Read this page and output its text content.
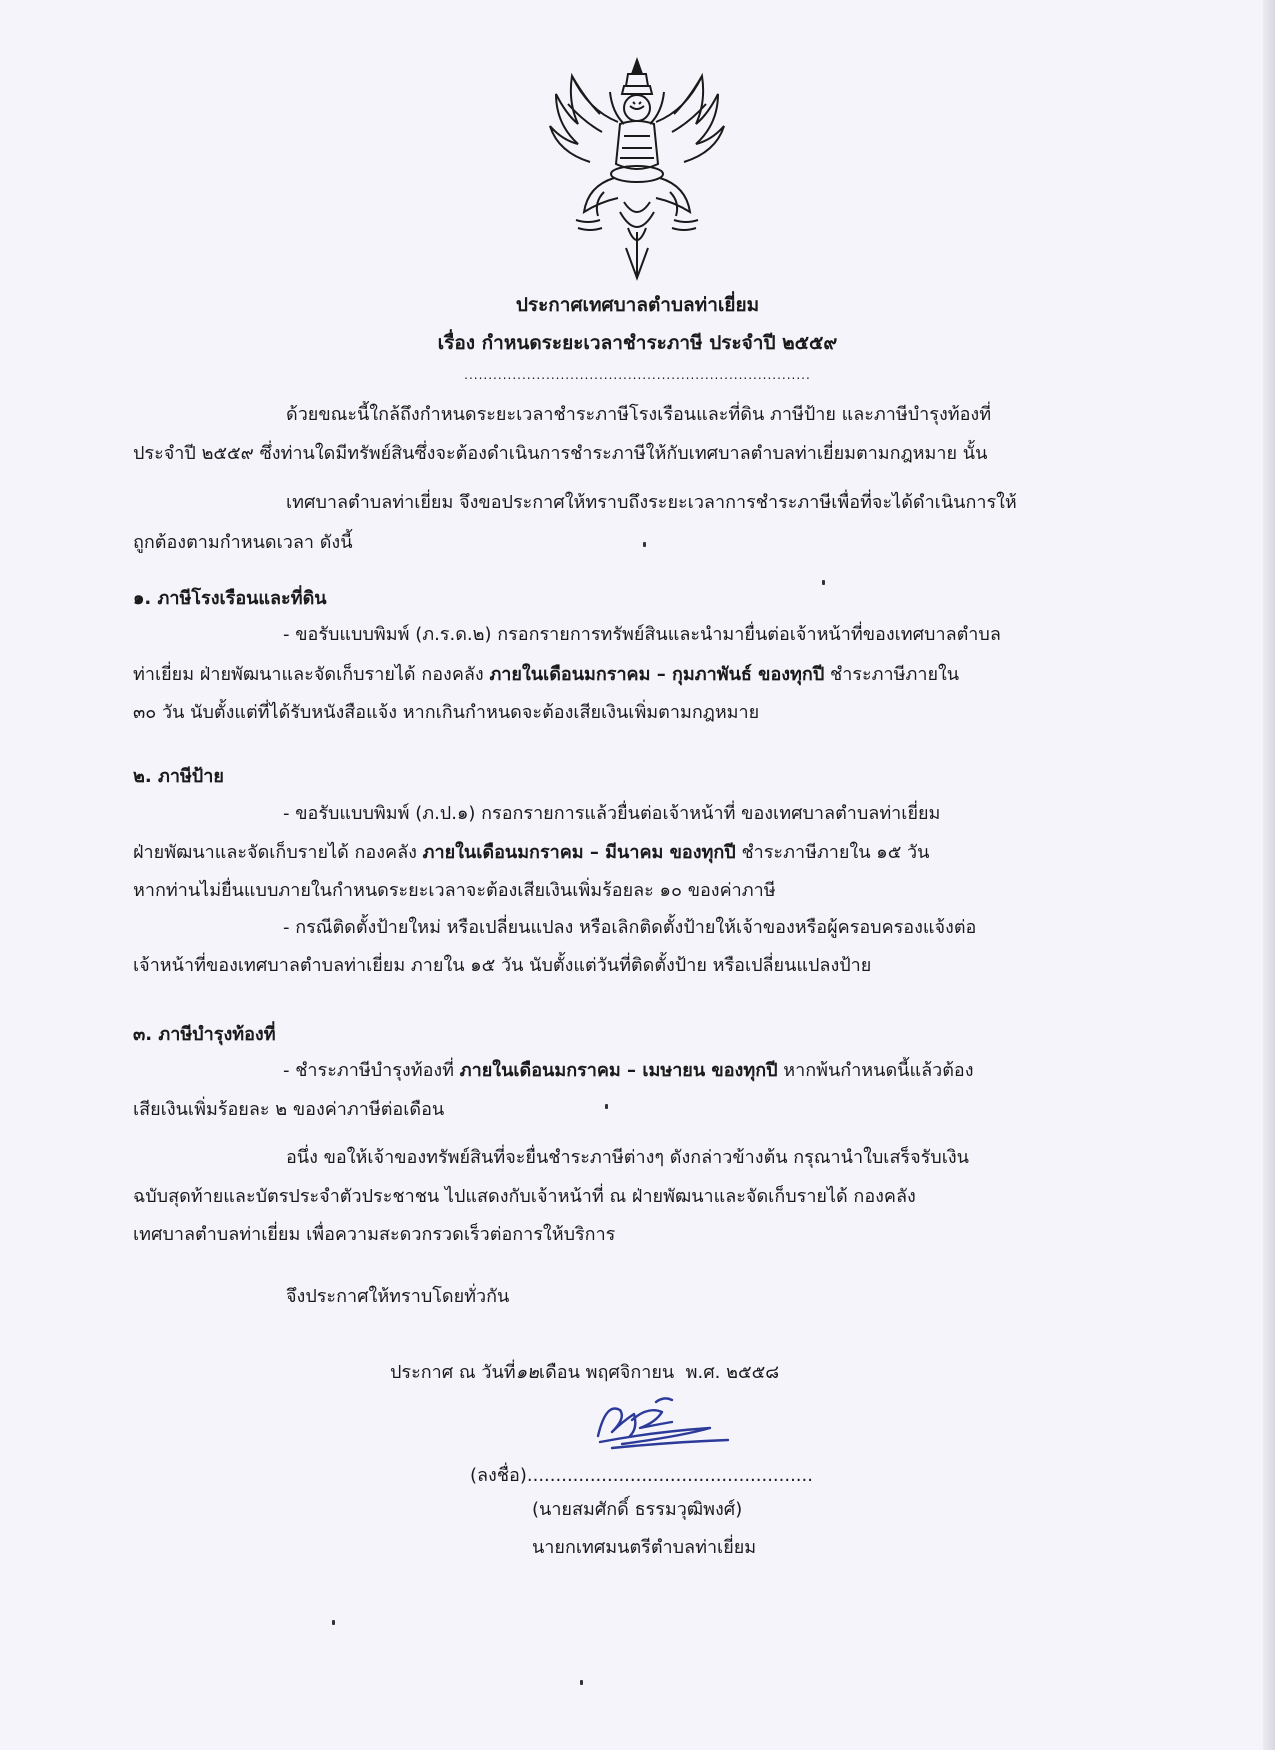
ประกาศเทศบาลตำบลท่าเยี่ยม
เรื่อง กำหนดระยะเวลาชำระภาษี ประจำปี ๒๕๕๙
........................................................................
ด้วยขณะนี้ใกล้ถึงกำหนดระยะเวลาชำระภาษีโรงเรือนและที่ดิน ภาษีป้าย และภาษีบำรุงท้องที่
ประจำปี ๒๕๕๙ ซึ่งท่านใดมีทรัพย์สินซึ่งจะต้องดำเนินการชำระภาษีให้กับเทศบาลตำบลท่าเยี่ยมตามกฎหมาย นั้น
เทศบาลตำบลท่าเยี่ยม จึงขอประกาศให้ทราบถึงระยะเวลาการชำระภาษีเพื่อที่จะได้ดำเนินการให้
ถูกต้องตามกำหนดเวลา ดังนี้
๑. ภาษีโรงเรือนและที่ดิน
- ขอรับแบบพิมพ์ (ภ.ร.ด.๒) กรอกรายการทรัพย์สินและนำมายื่นต่อเจ้าหน้าที่ของเทศบาลตำบล
ท่าเยี่ยม ฝ่ายพัฒนาและจัดเก็บรายได้ กองคลัง ภายในเดือนมกราคม – กุมภาพันธ์ ของทุกปี ชำระภาษีภายใน
๓๐ วัน นับตั้งแต่ที่ได้รับหนังสือแจ้ง หากเกินกำหนดจะต้องเสียเงินเพิ่มตามกฎหมาย
๒. ภาษีป้าย
- ขอรับแบบพิมพ์ (ภ.ป.๑) กรอกรายการแล้วยื่นต่อเจ้าหน้าที่ ของเทศบาลตำบลท่าเยี่ยม
ฝ่ายพัฒนาและจัดเก็บรายได้ กองคลัง ภายในเดือนมกราคม – มีนาคม ของทุกปี ชำระภาษีภายใน ๑๕ วัน
หากท่านไม่ยื่นแบบภายในกำหนดระยะเวลาจะต้องเสียเงินเพิ่มร้อยละ ๑๐ ของค่าภาษี
- กรณีติดตั้งป้ายใหม่ หรือเปลี่ยนแปลง หรือเลิกติดตั้งป้ายให้เจ้าของหรือผู้ครอบครองแจ้งต่อ
เจ้าหน้าที่ของเทศบาลตำบลท่าเยี่ยม ภายใน ๑๕ วัน นับตั้งแต่วันที่ติดตั้งป้าย หรือเปลี่ยนแปลงป้าย
๓. ภาษีบำรุงท้องที่
- ชำระภาษีบำรุงท้องที่ ภายในเดือนมกราคม – เมษายน ของทุกปี หากพ้นกำหนดนี้แล้วต้อง
เสียเงินเพิ่มร้อยละ ๒ ของค่าภาษีต่อเดือน
อนึ่ง ขอให้เจ้าของทรัพย์สินที่จะยื่นชำระภาษีต่างๆ ดังกล่าวข้างต้น กรุณานำใบเสร็จรับเงิน
ฉบับสุดท้ายและบัตรประจำตัวประชาชน ไปแสดงกับเจ้าหน้าที่ ณ ฝ่ายพัฒนาและจัดเก็บรายได้ กองคลัง
เทศบาลตำบลท่าเยี่ยม เพื่อความสะดวกรวดเร็วต่อการให้บริการ
จึงประกาศให้ทราบโดยทั่วกัน
ประกาศ ณ วันที่๑๒เดือน พฤศจิกายน พ.ศ. ๒๕๕๘
(ลงชื่อ)..................................................
(นายสมศักดิ์ ธรรมวุฒิพงศ์)
นายกเทศมนตรีตำบลท่าเยี่ยม
